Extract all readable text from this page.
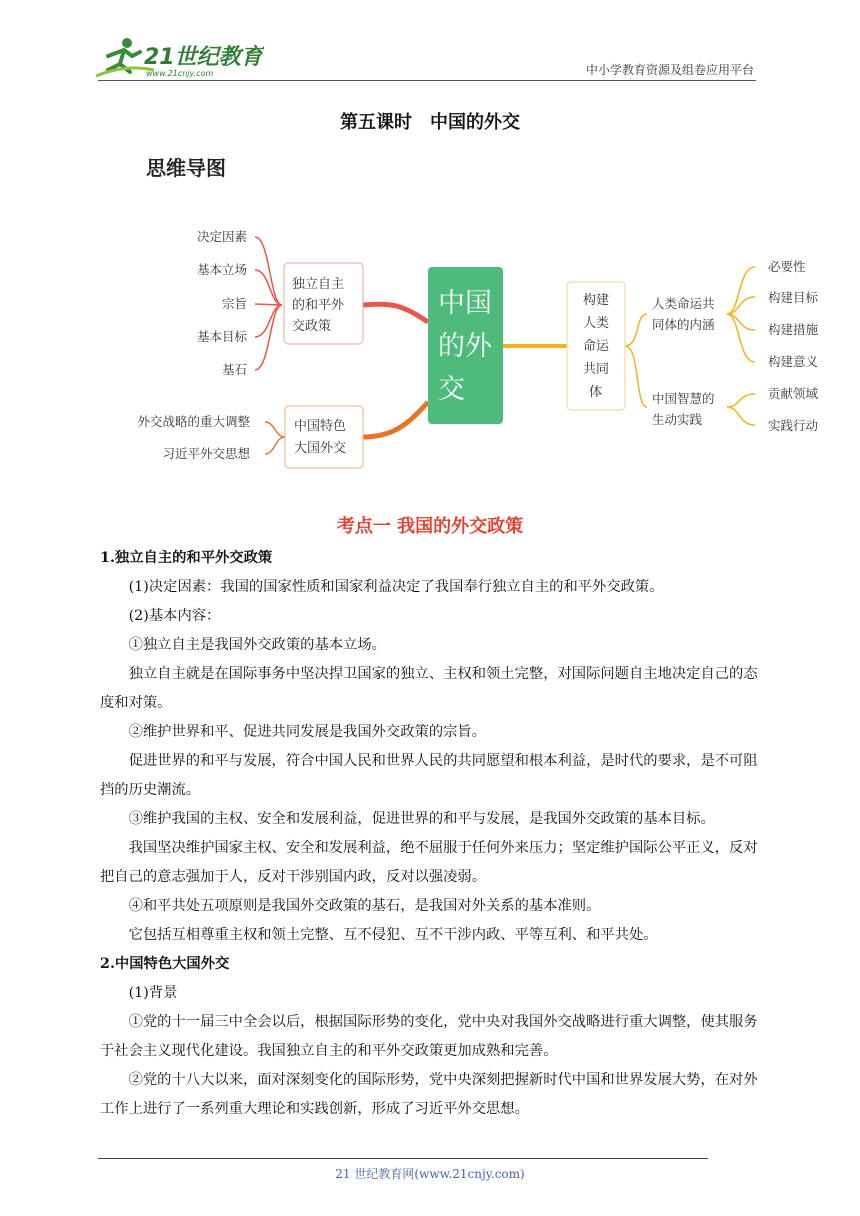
21世纪教育
www.21cnjy.com	中小学教育资源及组卷应用平台
第五课时　中国的外交
思维导图
中国
的外
交
独立自主
的和平外
交政策
决定因素
基本立场
宗旨
基本目标
基石
中国特色
大国外交
外交战略的重大调整
习近平外交思想
构建
人类
命运
共同
体
人类命运共
同体的内涵
中国智慧的
生动实践
必要性
构建目标
构建措施
构建意义
贡献领域
实践行动
考点一 我国的外交政策

1.独立自主的和平外交政策

(1)决定因素：我国的国家性质和国家利益决定了我国奉行独立自主的和平外交政策。

(2)基本内容：

①独立自主是我国外交政策的基本立场。

独立自主就是在国际事务中坚决捍卫国家的独立、主权和领土完整，对国际问题自主地决定自己的态度和对策。

②维护世界和平、促进共同发展是我国外交政策的宗旨。

促进世界的和平与发展，符合中国人民和世界人民的共同愿望和根本利益，是时代的要求，是不可阻挡的历史潮流。

③维护我国的主权、安全和发展利益，促进世界的和平与发展，是我国外交政策的基本目标。

我国坚决维护国家主权、安全和发展利益，绝不屈服于任何外来压力；坚定维护国际公平正义，反对把自己的意志强加于人，反对干涉别国内政，反对以强凌弱。

④和平共处五项原则是我国外交政策的基石，是我国对外关系的基本准则。

它包括互相尊重主权和领土完整、互不侵犯、互不干涉内政、平等互利、和平共处。

2.中国特色大国外交

(1)背景

①党的十一届三中全会以后，根据国际形势的变化，党中央对我国外交战略进行重大调整，使其服务于社会主义现代化建设。我国独立自主的和平外交政策更加成熟和完善。

②党的十八大以来，面对深刻变化的国际形势，党中央深刻把握新时代中国和世界发展大势，在对外工作上进行了一系列重大理论和实践创新，形成了习近平外交思想。

21 世纪教育网(www.21cnjy.com)
